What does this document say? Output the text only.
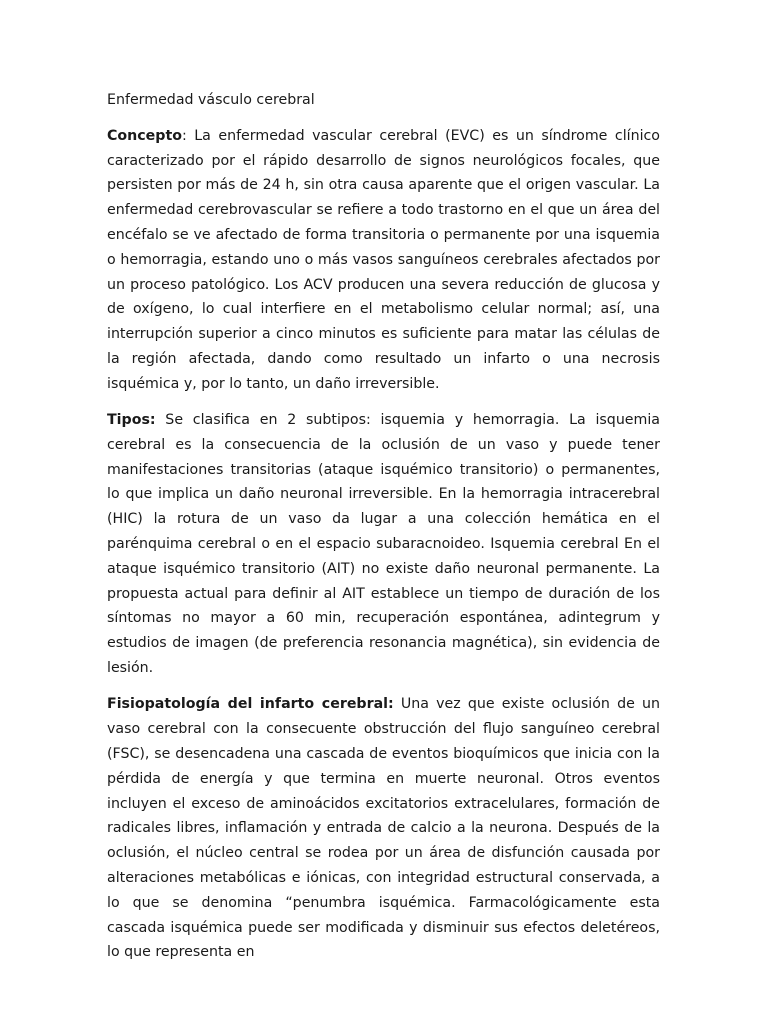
Enfermedad vásculo cerebral

Concepto: La enfermedad vascular cerebral (EVC) es un síndrome clínico caracterizado por el rápido desarrollo de signos neurológicos focales, que persisten por más de 24 h, sin otra causa aparente que el origen vascular. La enfermedad cerebrovascular se refiere a todo trastorno en el que un área del encéfalo se ve afectado de forma transitoria o permanente por una isquemia o hemorragia, estando uno o más vasos sanguíneos cerebrales afectados por un proceso patológico. Los ACV producen una severa reducción de glucosa y de oxígeno, lo cual interfiere en el metabolismo celular normal; así, una interrupción superior a cinco minutos es suficiente para matar las células de la región afectada, dando como resultado un infarto o una necrosis isquémica y, por lo tanto, un daño irreversible.

Tipos: Se clasifica en 2 subtipos: isquemia y hemorragia. La isquemia cerebral es la consecuencia de la oclusión de un vaso y puede tener manifestaciones transitorias (ataque isquémico transitorio) o permanentes, lo que implica un daño neuronal irreversible. En la hemorragia intracerebral (HIC) la rotura de un vaso da lugar a una colección hemática en el parénquima cerebral o en el espacio subaracnoideo. Isquemia cerebral En el ataque isquémico transitorio (AIT) no existe daño neuronal permanente. La propuesta actual para definir al AIT establece un tiempo de duración de los síntomas no mayor a 60 min, recuperación espontánea, adintegrum y estudios de imagen (de preferencia resonancia magnética), sin evidencia de lesión.

Fisiopatología del infarto cerebral: Una vez que existe oclusión de un vaso cerebral con la consecuente obstrucción del flujo sanguíneo cerebral (FSC), se desencadena una cascada de eventos bioquímicos que inicia con la pérdida de energía y que termina en muerte neuronal. Otros eventos incluyen el exceso de aminoácidos excitatorios extracelulares, formación de radicales libres, inflamación y entrada de calcio a la neurona. Después de la oclusión, el núcleo central se rodea por un área de disfunción causada por alteraciones metabólicas e iónicas, con integridad estructural conservada, a lo que se denomina “penumbra isquémica. Farmacológicamente esta cascada isquémica puede ser modificada y disminuir sus efectos deletéreos, lo que representa en
